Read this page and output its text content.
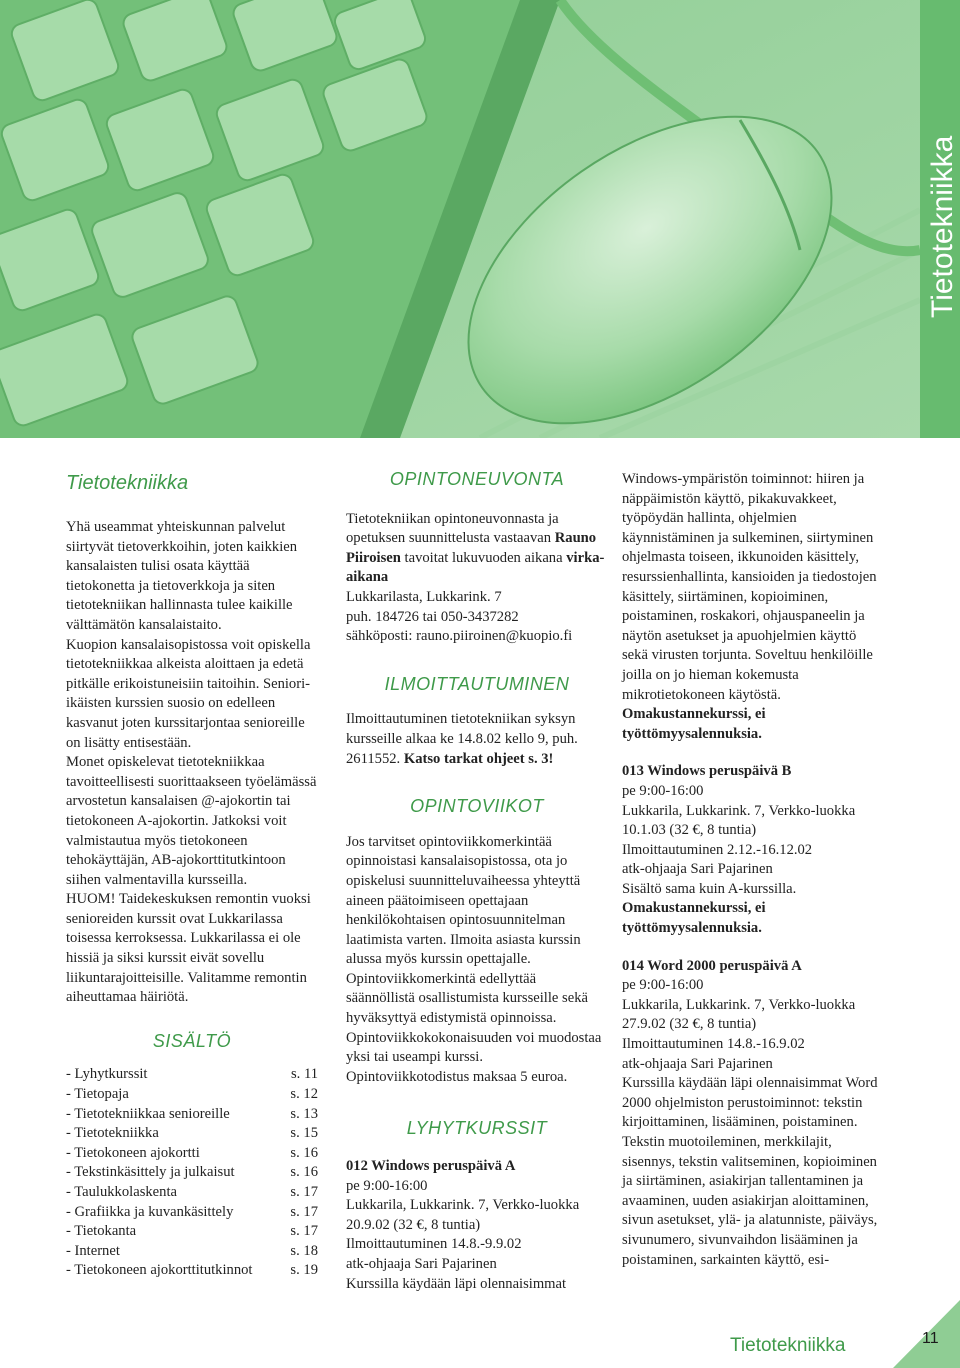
Tietotekniikka

Yhä useammat yhteiskunnan palvelut siirtyvät tietoverkkoihin, joten kaikkien kansalaisten tulisi osata käyttää tietokonetta ja tietoverkkoja ja siten tietotekniikan hallinnasta tulee kaikille välttämätön kansalaistaito.

Kuopion kansalaisopistossa voit opiskella tietotekniikkaa alkeista aloittaen ja edetä pitkälle erikoistuneisiin taitoihin. Seniori-ikäisten kurssien suosio on edelleen kasvanut joten kurssitarjontaa senioreille on lisätty entisestään.

Monet opiskelevat tietotekniikkaa tavoitteellisesti suorittaakseen työelämässä arvostetun kansalaisen @-ajokortin tai tietokoneen A-ajokortin. Jatkoksi voit valmistautua myös tietokoneen tehokäyttäjän, AB-ajokorttitutkintoon siihen valmentavilla kursseilla.

HUOM! Taidekeskuksen remontin vuoksi senioreiden kurssit ovat Lukkarilassa toisessa kerroksessa. Lukkarilassa ei ole hissiä ja siksi kurssit eivät sovellu liikuntarajoitteisille. Valitamme remontin aiheuttamaa häiriötä.

SISÄLTÖ
- Lyhytkurssit	s. 11
- Tietopaja	s. 12
- Tietotekniikkaa senioreille	s. 13
- Tietotekniikka	s. 15
- Tietokoneen ajokortti	s. 16
- Tekstinkäsittely ja julkaisut	s. 16
- Taulukkolaskenta	s. 17
- Grafiikka ja kuvankäsittely	s. 17
- Tietokanta	s. 17
- Internet	s. 18
- Tietokoneen ajokorttitutkinnot	s. 19
OPINTONEUVONTA

Tietotekniikan opintoneuvonnasta ja opetuksen suunnittelusta vastaavan Rauno Piiroisen tavoitat lukuvuoden aikana virka-aikana

Lukkarilasta, Lukkarink. 7

puh. 184726 tai 050-3437282

sähköposti: rauno.piiroinen@kuopio.fi

ILMOITTAUTUMINEN

Ilmoittautuminen tietotekniikan syksyn kursseille alkaa ke 14.8.02 kello 9, puh. 2611552. Katso tarkat ohjeet s. 3!

OPINTOVIIKOT

Jos tarvitset opintoviikkomerkintää opinnoistasi kansalaisopistossa, ota jo opiskelusi suunnitteluvaiheessa yhteyttä aineen päätoimiseen opettajaan henkilökohtaisen opintosuunnitelman laatimista varten. Ilmoita asiasta kurssin alussa myös kurssin opettajalle. Opintoviikkomerkintä edellyttää säännöllistä osallistumista kursseille sekä hyväksyttyä edistymistä opinnoissa. Opintoviikkokokonaisuuden voi muodostaa yksi tai useampi kurssi. Opintoviikkotodistus maksaa 5 euroa.

LYHYTKURSSIT

012 Windows peruspäivä A

pe 9:00-16:00

Lukkarila, Lukkarink. 7, Verkko-luokka

20.9.02 (32 €, 8 tuntia)

Ilmoittautuminen 14.8.-9.9.02

atk-ohjaaja Sari Pajarinen

Kurssilla käydään läpi olennaisimmat

Windows-ympäristön toiminnot: hiiren ja näppäimistön käyttö, pikakuvakkeet, työpöydän hallinta, ohjelmien käynnistäminen ja sulkeminen, siirtyminen ohjelmasta toiseen, ikkunoiden käsittely, resurssienhallinta, kansioiden ja tiedostojen käsittely, siirtäminen, kopioiminen, poistaminen, roskakori, ohjauspaneelin ja näytön asetukset ja apuohjelmien käyttö sekä virusten torjunta. Soveltuu henkilöille joilla on jo hieman kokemusta mikrotietokoneen käytöstä. Omakustannekurssi, ei työttömyysalennuksia.

013 Windows peruspäivä B

pe 9:00-16:00

Lukkarila, Lukkarink. 7, Verkko-luokka

10.1.03 (32 €, 8 tuntia)

Ilmoittautuminen 2.12.-16.12.02

atk-ohjaaja Sari Pajarinen

Sisältö sama kuin A-kurssilla. Omakustannekurssi, ei työttömyysalennuksia.

014 Word 2000 peruspäivä A

pe 9:00-16:00

Lukkarila, Lukkarink. 7, Verkko-luokka

27.9.02 (32 €, 8 tuntia)

Ilmoittautuminen 14.8.-16.9.02

atk-ohjaaja Sari Pajarinen

Kurssilla käydään läpi olennaisimmat Word 2000 ohjelmiston perustoiminnot: tekstin kirjoittaminen, lisääminen, poistaminen. Tekstin muotoileminen, merkkilajit, sisennys, tekstin valitseminen, kopioiminen ja siirtäminen, asiakirjan tallentaminen ja avaaminen, uuden asiakirjan aloittaminen, sivun asetukset, ylä- ja alatunniste, päiväys, sivunumero, sivunvaihdon lisääminen ja poistaminen, sarkainten käyttö, esi-

Tietotekniikka	11
